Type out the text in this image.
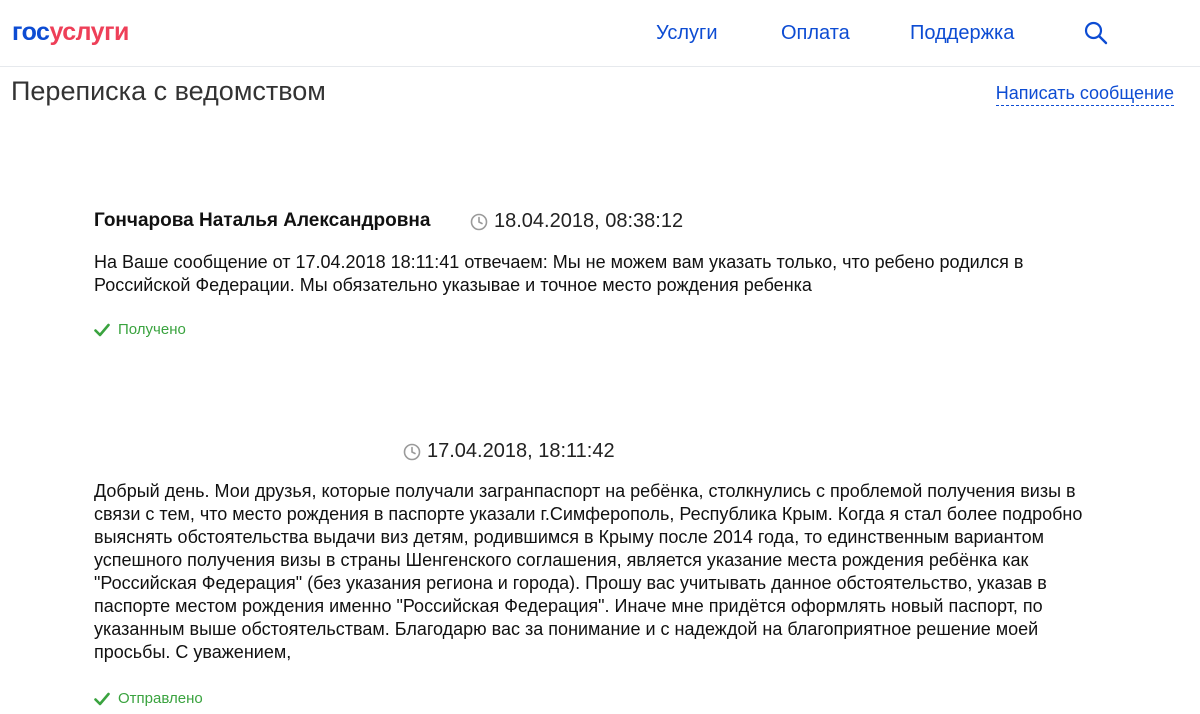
госуслуги	Услуги	Оплата	Поддержка
Переписка с ведомством	Написать сообщение
Гончарова Наталья Александровна	18.04.2018, 08:38:12

На Ваше сообщение от 17.04.2018 18:11:41 отвечаем: Мы не можем вам указать только, что ребено родился в Российской Федерации. Мы обязательно указывае и точное место рождения ребенка

Получено
17.04.2018, 18:11:42

Добрый день. Мои друзья, которые получали загранпаспорт на ребёнка, столкнулись с проблемой получения визы в связи с тем, что место рождения в паспорте указали г.Симферополь, Республика Крым. Когда я стал более подробно выяснять обстоятельства выдачи виз детям, родившимся в Крыму после 2014 года, то единственным вариантом успешного получения визы в страны Шенгенского соглашения, является указание места рождения ребёнка как "Российская Федерация" (без указания региона и города). Прошу вас учитывать данное обстоятельство, указав в паспорте местом рождения именно "Российская Федерация". Иначе мне придётся оформлять новый паспорт, по указанным выше обстоятельствам. Благодарю вас за понимание и с надеждой на благоприятное решение моей просьбы. С уважением,

Отправлено
